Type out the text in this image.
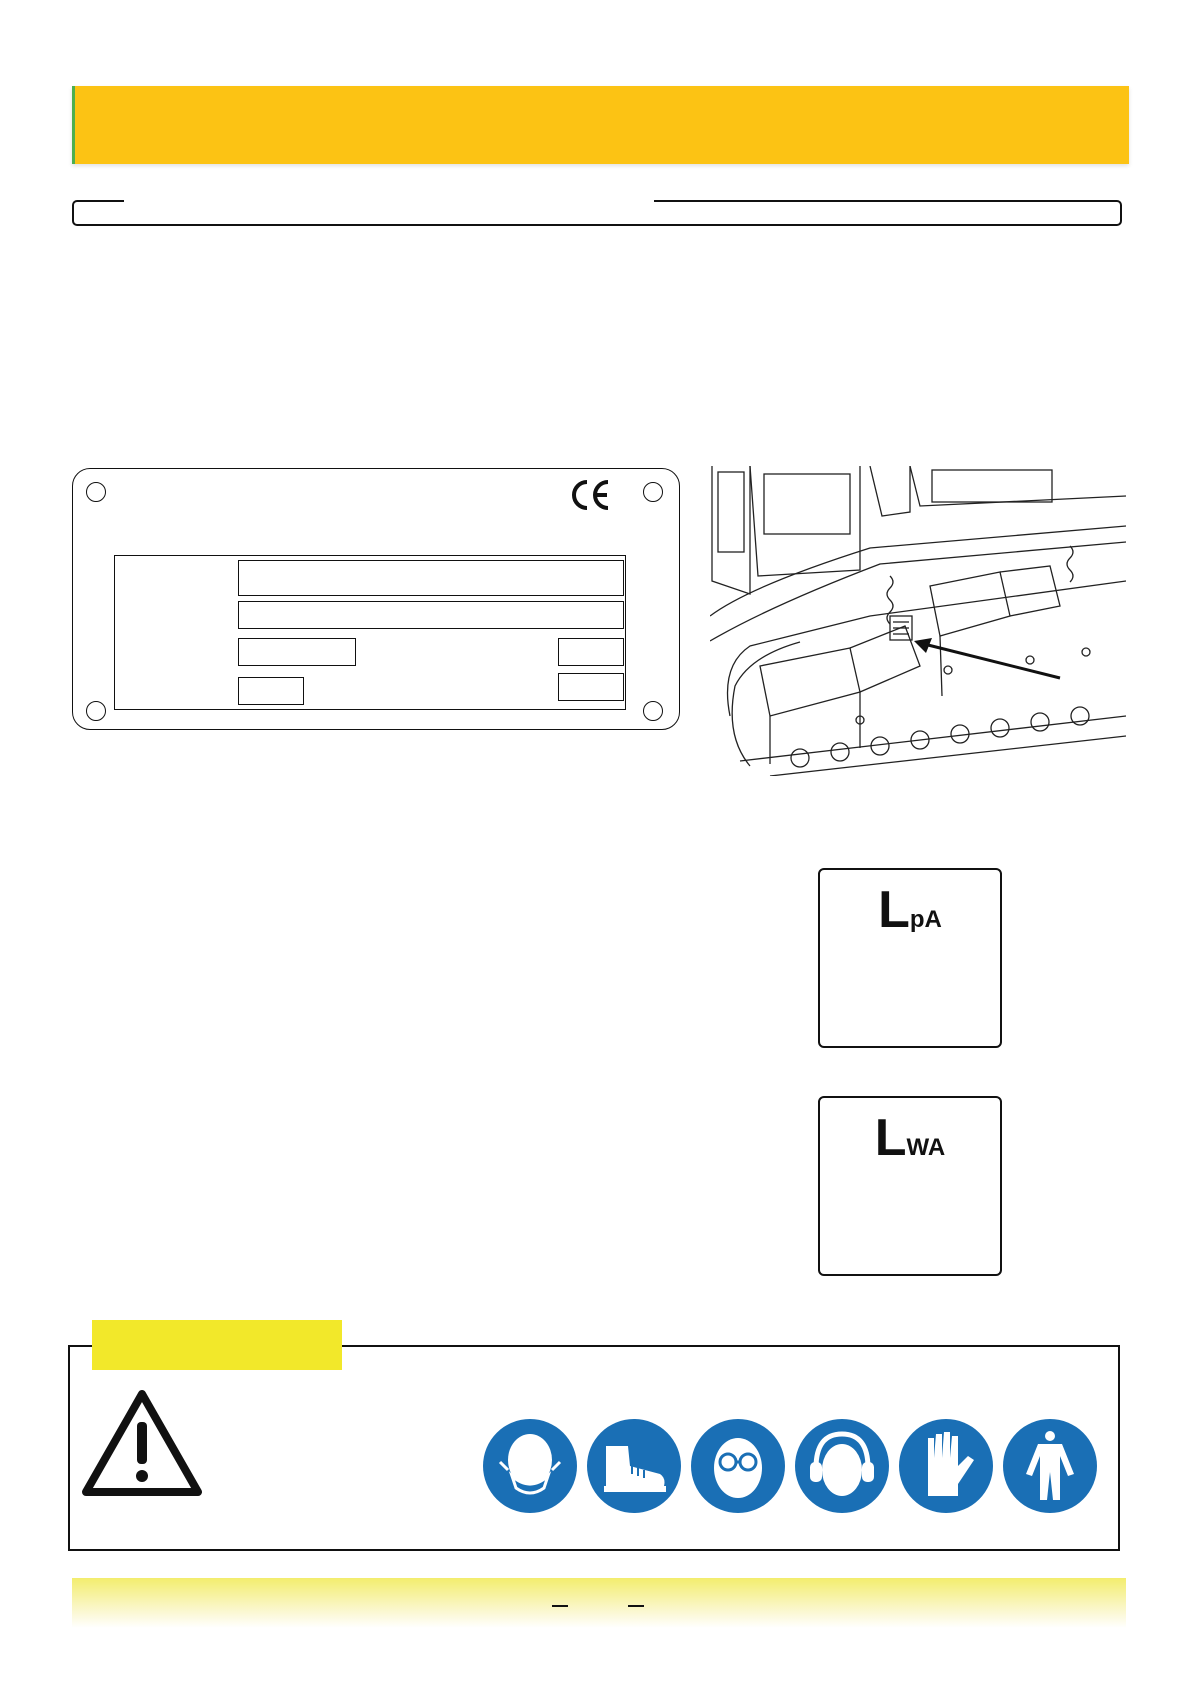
LpA
LWA
